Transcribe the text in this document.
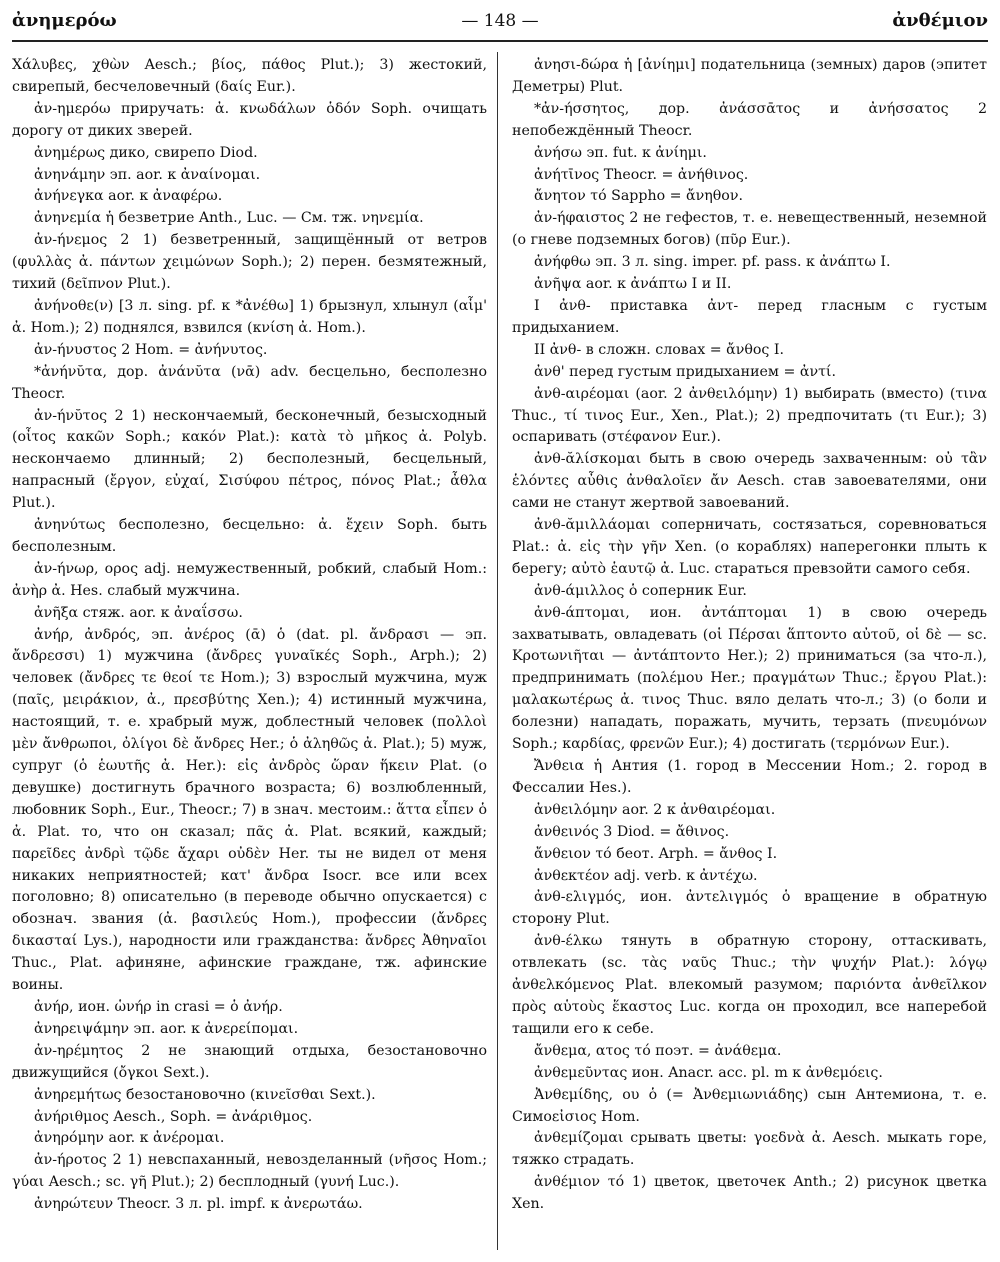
ἀνημερόω	— 148 —	ἀνθέμιον

Χάλυβες, χθὼν Aesch.; βίος, πάθος Plut.); 3) жестокий, свирепый, бесчеловечный (δαίς Eur.).

ἀν-ημερόω приручать: ἀ. κνωδάλων ὁδόν Soph. очищать дорогу от диких зверей.

ἀνημέρως дико, свирепо Diod.

ἀνηνάμην эп. aor. к ἀναίνομαι.

ἀνήνεγκα aor. к ἀναφέρω.

ἀνηνεμία ἡ безветрие Anth., Luc. — См. тж. νηνεμία.

ἀν-ήνεμος 2 1) безветренный, защищённый от ветров (φυλλὰς ἀ. πάντων χειμώνων Soph.); 2) перен. безмятежный, тихий (δεῖπνον Plut.).

ἀνήνοθε(ν) [3 л. sing. pf. к *ἀνέθω] 1) брызнул, хлынул (αἷμ' ἀ. Hom.); 2) поднялся, взвился (κνίση ἀ. Hom.).

ἀν-ήνυστος 2 Hom. = ἀνήνυτος.

*ἀνήνῠτα, дор. ἀνάνῠτα (νᾱ) adv. бесцельно, бесполезно Theocr.

ἀν-ήνῠτος 2 1) нескончаемый, бесконечный, безысходный (οἶτος κακῶν Soph.; κακόν Plat.): κατὰ τὸ μῆκος ἀ. Polyb. нескончаемо длинный; 2) бесполезный, бесцельный, напрасный (ἔργον, εὐχαί, Σισύφου πέτρος, πόνος Plat.; ἆθλα Plut.).

ἀνηνύτως бесполезно, бесцельно: ἀ. ἔχειν Soph. быть бесполезным.

ἀν-ήνωρ, ορος adj. немужественный, робкий, слабый Hom.: ἀνὴρ ἀ. Hes. слабый мужчина.

ἀνῆξα стяж. aor. к ἀναΐσσω.

ἀνήρ, ἀνδρός, эп. ἀνέρος (ᾱ) ὁ (dat. pl. ἄνδρασι — эп. ἄνδρεσσι) 1) мужчина (ἄνδρες γυναῖκές Soph., Arph.); 2) человек (ἄνδρες τε θεοί τε Hom.); 3) взрослый мужчина, муж (παῖς, μειράκιον, ἀ., πρεσβύτης Xen.); 4) истинный мужчина, настоящий, т. е. храбрый муж, доблестный человек (πολλοὶ μὲν ἄνθρωποι, ὀλίγοι δὲ ἄνδρες Her.; ὁ ἀληθῶς ἀ. Plat.); 5) муж, супруг (ὁ ἑωυτῆς ἀ. Her.): εἰς ἀνδρὸς ὥραν ἥκειν Plat. (о девушке) достигнуть брачного возраста; 6) возлюбленный, любовник Soph., Eur., Theocr.; 7) в знач. местоим.: ἅττα εἶπεν ὁ ἀ. Plat. то, что он сказал; πᾶς ἀ. Plat. всякий, каждый; παρεῖδες ἀνδρὶ τῷδε ἄχαρι οὐδὲν Her. ты не видел от меня никаких неприятностей; κατ' ἄνδρα Isocr. все или всех поголовно; 8) описательно (в переводе обычно опускается) с обознач. звания (ἀ. βασιλεύς Hom.), профессии (ἄνδρες δικασταί Lys.), народности или гражданства: ἄνδρες Ἀθηναῖοι Thuc., Plat. афиняне, афинские граждане, тж. афинские воины.

ἀνήρ, ион. ὡνήρ in crasi = ὁ ἀνήρ.

ἀνηρειψάμην эп. aor. к ἀνερείπομαι.

ἀν-ηρέμητος 2 не знающий отдыха, безостановочно движущийся (ὄγκοι Sext.).

ἀνηρεμήτως безостановочно (κινεῖσθαι Sext.).

ἀνήριθμος Aesch., Soph. = ἀνάριθμος.

ἀνηρόμην aor. к ἀνέρομαι.

ἀν-ήροτος 2 1) невспаханный, невозделанный (νῆσος Hom.; γύαι Aesch.; sc. γῆ Plut.); 2) бесплодный (γυνή Luc.).

ἀνηρώτευν Theocr. 3 л. pl. impf. к ἀνερωτάω.

ἀνησι-δώρα ἡ [ἀνίημι] подательница (земных) даров (эпитет Деметры) Plut.

*ἀν-ήσσητος, дор. ἀνάσσᾱτος и ἀνήσσατος 2 непобеждённый Theocr.

ἀνήσω эп. fut. к ἀνίημι.

ἀνήτῑνος Theocr. = ἀνήθινος.

ἄνητον τό Sappho = ἄνηθον.

ἀν-ήφαιστος 2 не гефестов, т. е. невещественный, неземной (о гневе подземных богов) (πῦρ Eur.).

ἀνήφθω эп. 3 л. sing. imper. pf. pass. к ἀνάπτω I.

ἀνῆψα aor. к ἀνάπτω I и II.

I ἀνθ- приставка ἀντ- перед гласным с густым придыханием.

II ἀνθ- в сложн. словах = ἄνθος I.

ἀνθ' перед густым придыханием = ἀντί.

ἀνθ-αιρέομαι (aor. 2 ἀνθειλόμην) 1) выбирать (вместо) (τινα Thuc., τί τινος Eur., Xen., Plat.); 2) предпочитать (τι Eur.); 3) оспаривать (στέφανον Eur.).

ἀνθ-ᾰλίσκομαι быть в свою очередь захваченным: οὐ τἂν ἑλόντες αὖθις ἀνθαλοῖεν ἄν Aesch. став завоевателями, они сами не станут жертвой завоеваний.

ἀνθ-ᾰμιλλάομαι соперничать, состязаться, соревноваться Plat.: ἀ. εἰς τὴν γῆν Xen. (о кораблях) наперегонки плыть к берегу; αὐτὸ ἑαυτῷ ἀ. Luc. стараться превзойти самого себя.

ἀνθ-άμιλλος ὁ соперник Eur.

ἀνθ-άπτομαι, ион. ἀντάπτομαι 1) в свою очередь захватывать, овладевать (οἱ Πέρσαι ἅπτοντο αὐτοῦ, οἱ δὲ — sc. Κροτωνιῆται — ἀντάπτοντο Her.); 2) приниматься (за что-л.), предпринимать (πολέμου Her.; πραγμάτων Thuc.; ἔργου Plat.): μαλακωτέρως ἀ. τινος Thuc. вяло делать что-л.; 3) (о боли и болезни) нападать, поражать, мучить, терзать (πνευμόνων Soph.; καρδίας, φρενῶν Eur.); 4) достигать (τερμόνων Eur.).

Ἄνθεια ἡ Антия (1. город в Мессении Hom.; 2. город в Фессалии Hes.).

ἀνθειλόμην aor. 2 к ἀνθαιρέομαι.

ἀνθεινός 3 Diod. = ἄθινος.

ἄνθειον τό беот. Arph. = ἄνθος I.

ἀνθεκτέον adj. verb. к ἀντέχω.

ἀνθ-ελιγμός, ион. ἀντελιγμός ὁ вращение в обратную сторону Plut.

ἀνθ-έλκω тянуть в обратную сторону, оттаскивать, отвлекать (sc. τὰς ναῦς Thuc.; τὴν ψυχήν Plat.): λόγῳ ἀνθελκόμενος Plat. влекомый разумом; παριόντα ἀνθεῖλκον πρὸς αὑτοὺς ἕκαστος Luc. когда он проходил, все наперебой тащили его к себе.

ἄνθεμα, ατος τό поэт. = ἀνάθεμα.

ἀνθεμεῦντας ион. Anacr. acc. pl. m к ἀνθεμόεις.

Ἀνθεμίδης, ου ὁ (= Ἀνθεμιωνιάδης) сын Антемиона, т. е. Симоεἰσιος Hom.

ἀνθεμίζομαι срывать цветы: γοεδνὰ ἀ. Aesch. мыкать горе, тяжко страдать.

ἀνθέμιον τό 1) цветок, цветочек Anth.; 2) рисунок цветка Xen.
